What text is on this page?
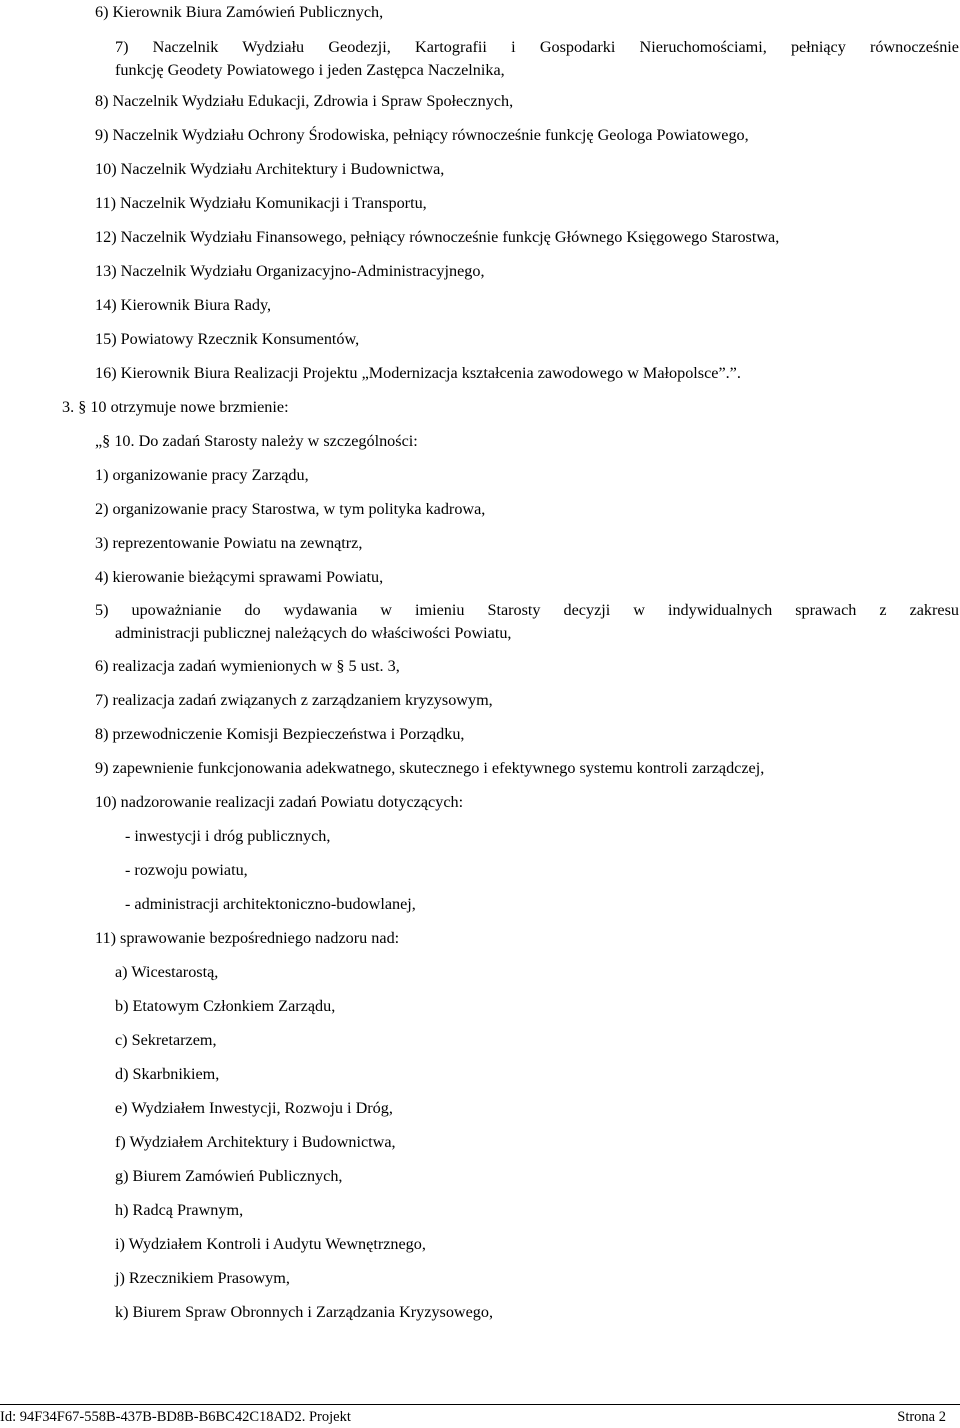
6) Kierownik Biura Zamówień Publicznych,
7) Naczelnik Wydziału Geodezji, Kartografii i Gospodarki Nieruchomościami, pełniący równocześnie
funkcję Geodety Powiatowego i jeden Zastępca Naczelnika,
8) Naczelnik Wydziału Edukacji, Zdrowia i Spraw Społecznych,
9) Naczelnik Wydziału Ochrony Środowiska, pełniący równocześnie funkcję Geologa Powiatowego,
10) Naczelnik Wydziału Architektury i Budownictwa,
11) Naczelnik Wydziału Komunikacji i Transportu,
12) Naczelnik Wydziału Finansowego, pełniący równocześnie funkcję Głównego Księgowego Starostwa,
13) Naczelnik Wydziału Organizacyjno-Administracyjnego,
14) Kierownik Biura Rady,
15) Powiatowy Rzecznik Konsumentów,
16) Kierownik Biura Realizacji Projektu „Modernizacja kształcenia zawodowego w Małopolsce”.”.
3. § 10 otrzymuje nowe brzmienie:
„§ 10. Do zadań Starosty należy w szczególności:
1) organizowanie pracy Zarządu,
2) organizowanie pracy Starostwa, w tym polityka kadrowa,
3) reprezentowanie Powiatu na zewnątrz,
4) kierowanie bieżącymi sprawami Powiatu,
5) upoważnianie do wydawania w imieniu Starosty decyzji w indywidualnych sprawach z zakresu
administracji publicznej należących do właściwości Powiatu,
6) realizacja zadań wymienionych w § 5 ust. 3,
7) realizacja zadań związanych z zarządzaniem kryzysowym,
8) przewodniczenie Komisji Bezpieczeństwa i Porządku,
9) zapewnienie funkcjonowania adekwatnego, skutecznego i efektywnego systemu kontroli zarządczej,
10) nadzorowanie realizacji zadań Powiatu dotyczących:
- inwestycji i dróg publicznych,
- rozwoju powiatu,
- administracji architektoniczno-budowlanej,
11) sprawowanie bezpośredniego nadzoru nad:
a) Wicestarostą,
b) Etatowym Członkiem Zarządu,
c) Sekretarzem,
d) Skarbnikiem,
e) Wydziałem Inwestycji, Rozwoju i Dróg,
f) Wydziałem Architektury i Budownictwa,
g) Biurem Zamówień Publicznych,
h) Radcą Prawnym,
i) Wydziałem Kontroli i Audytu Wewnętrznego,
j) Rzecznikiem Prasowym,
k) Biurem Spraw Obronnych i Zarządzania Kryzysowego,
Id: 94F34F67-558B-437B-BD8B-B6BC42C18AD2. Projekt	Strona 2
